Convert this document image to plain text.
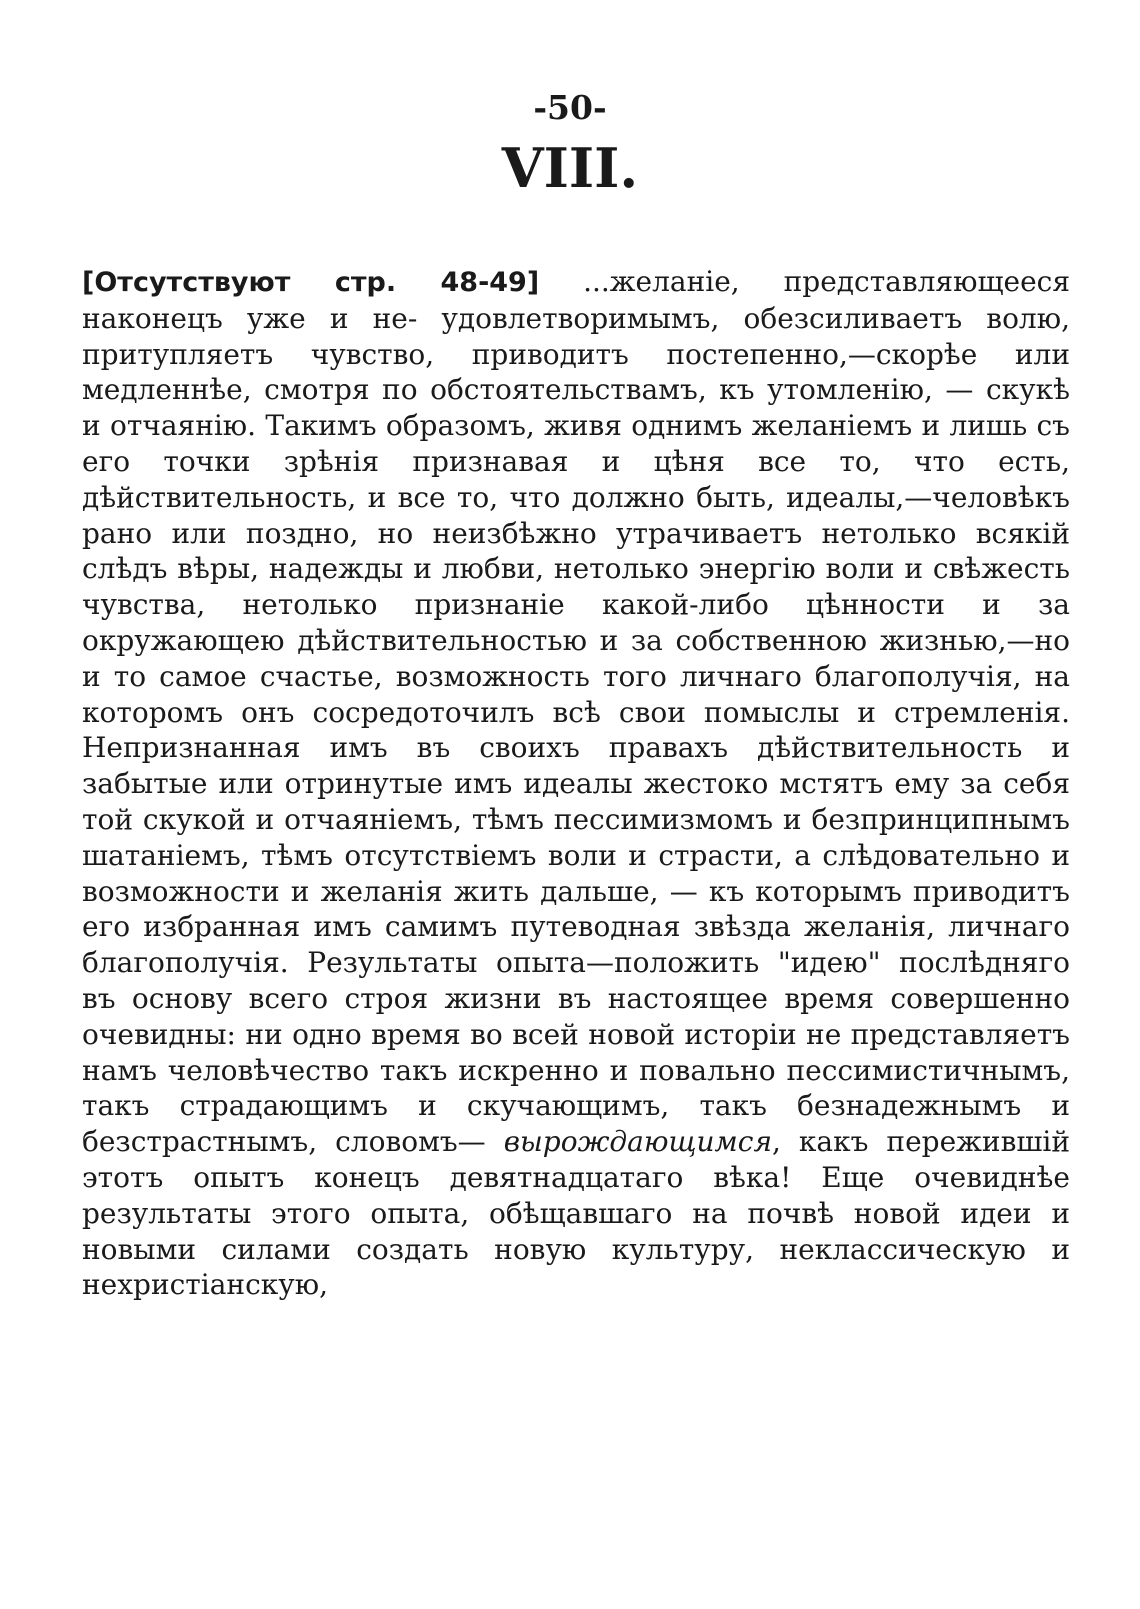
-50-
VIII.

[Отсутствуют стр. 48-49] ...желаніе, представляющееся наконецъ уже и не- удовлетворимымъ, обезсиливаетъ волю, притупляетъ чувство, приводитъ постепенно,—скорѣе или медленнѣе, смотря по обстоятельствамъ, къ утомленію, — скукѣ и отчаянію. Такимъ образомъ, живя однимъ желаніемъ и лишь съ его точки зрѣнія признавая и цѣня все то, что есть, дѣйствительность, и все то, что должно быть, идеалы,—человѣкъ рано или поздно, но неизбѣжно утрачиваетъ нетолько всякій слѣдъ вѣры, надежды и любви, нетолько энергію воли и свѣжесть чувства, нетолько признаніе какой-либо цѣнности и за окружающею дѣйствительностью и за собственною жизнью,—но и то самое счастье, возможность того личнаго благополучія, на которомъ онъ сосредоточилъ всѣ свои помыслы и стремленія. Непризнанная имъ въ своихъ правахъ дѣйствительность и забытые или отринутые имъ идеалы жестоко мстятъ ему за себя той скукой и отчаяніемъ, тѣмъ пессимизмомъ и безпринципнымъ шатаніемъ, тѣмъ отсутствіемъ воли и страсти, а слѣдовательно и возможности и желанія жить дальше, — къ которымъ приводитъ его избранная имъ самимъ путеводная звѣзда желанія, личнаго благополучія. Результаты опыта—положить "идею" послѣдняго въ основу всего строя жизни въ настоящее время совершенно очевидны: ни одно время во всей новой исторіи не представляетъ намъ человѣчество такъ искренно и повально пессимистичнымъ, такъ страдающимъ и скучающимъ, такъ безнадежнымъ и безстрастнымъ, словомъ— вырождающимся, какъ пережившій этотъ опытъ конецъ девятнадцатаго вѣка! Еще очевиднѣе результаты этого опыта, обѣщавшаго на почвѣ новой идеи и новыми силами создать новую культуру, неклассическую и нехристіанскую,
